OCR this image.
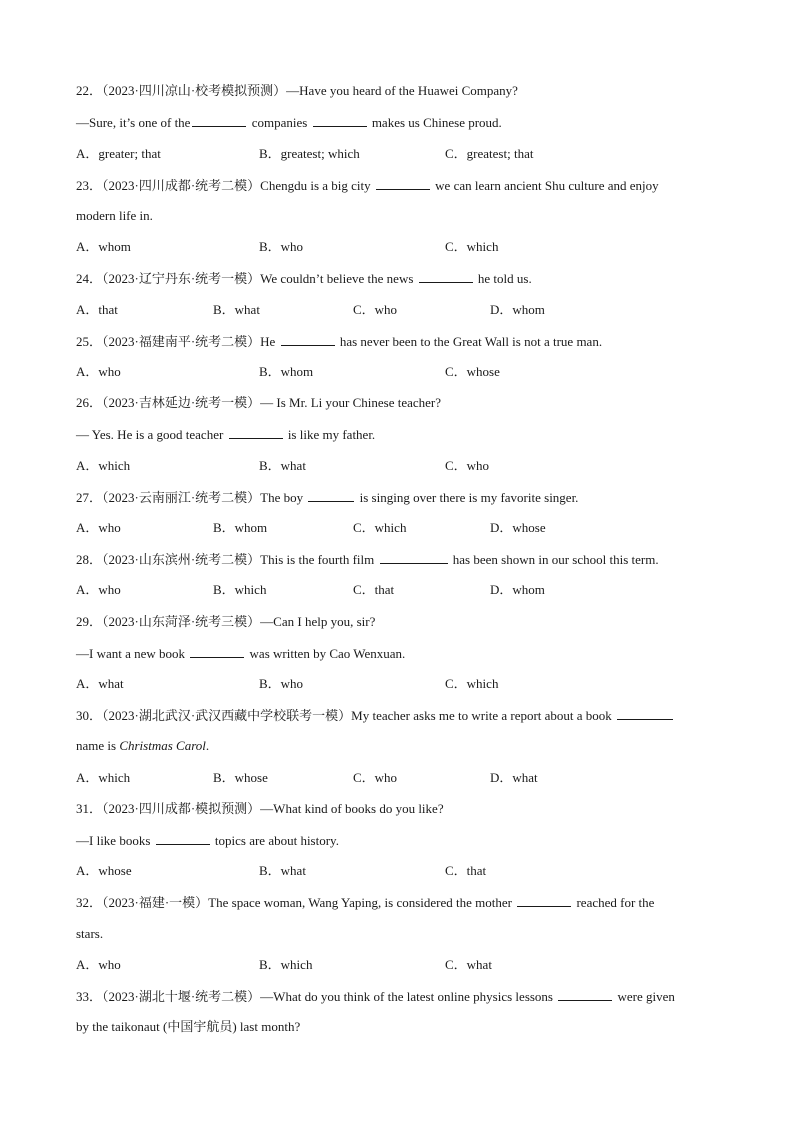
22．（2023·四川凉山·校考模拟预测）—Have you heard of the Huawei Company?
—Sure, it’s one of the	companies	makes us Chinese proud.
A．greater; that	B．greatest; which	C．greatest; that
23．（2023·四川成都·统考二模）Chengdu is a big city	we can learn ancient Shu culture and enjoy
modern life in.
A．whom	B．who	C．which
24．（2023·辽宁丹东·统考一模）We couldn’t believe the news	he told us.
A．that	B．what	C．who	D．whom
25．（2023·福建南平·统考二模）He	has never been to the Great Wall is not a true man.
A．who	B．whom	C．whose
26．（2023·吉林延边·统考一模）— Is Mr. Li your Chinese teacher?
— Yes. He is a good teacher	is like my father.
A．which	B．what	C．who
27．（2023·云南丽江·统考二模）The boy	is singing over there is my favorite singer.
A．who	B．whom	C．which	D．whose
28．（2023·山东滨州·统考二模）This is the fourth film	has been shown in our school this term.
A．who	B．which	C．that	D．whom
29．（2023·山东菏泽·统考三模）—Can I help you, sir?
—I want a new book	was written by Cao Wenxuan.
A．what	B．who	C．which
30．（2023·湖北武汉·武汉西藏中学校联考一模）My teacher asks me to write a report about a book
name is Christmas Carol.
A．which	B．whose	C．who	D．what
31．（2023·四川成都·模拟预测）—What kind of books do you like?
—I like books	topics are about history.
A．whose	B．what	C．that
32．（2023·福建·一模）The space woman, Wang Yaping, is considered the mother	reached for the
stars.
A．who	B．which	C．what
33．（2023·湖北十堰·统考二模）—What do you think of the latest online physics lessons	were given
by the taikonaut (中国宇航员) last month?
